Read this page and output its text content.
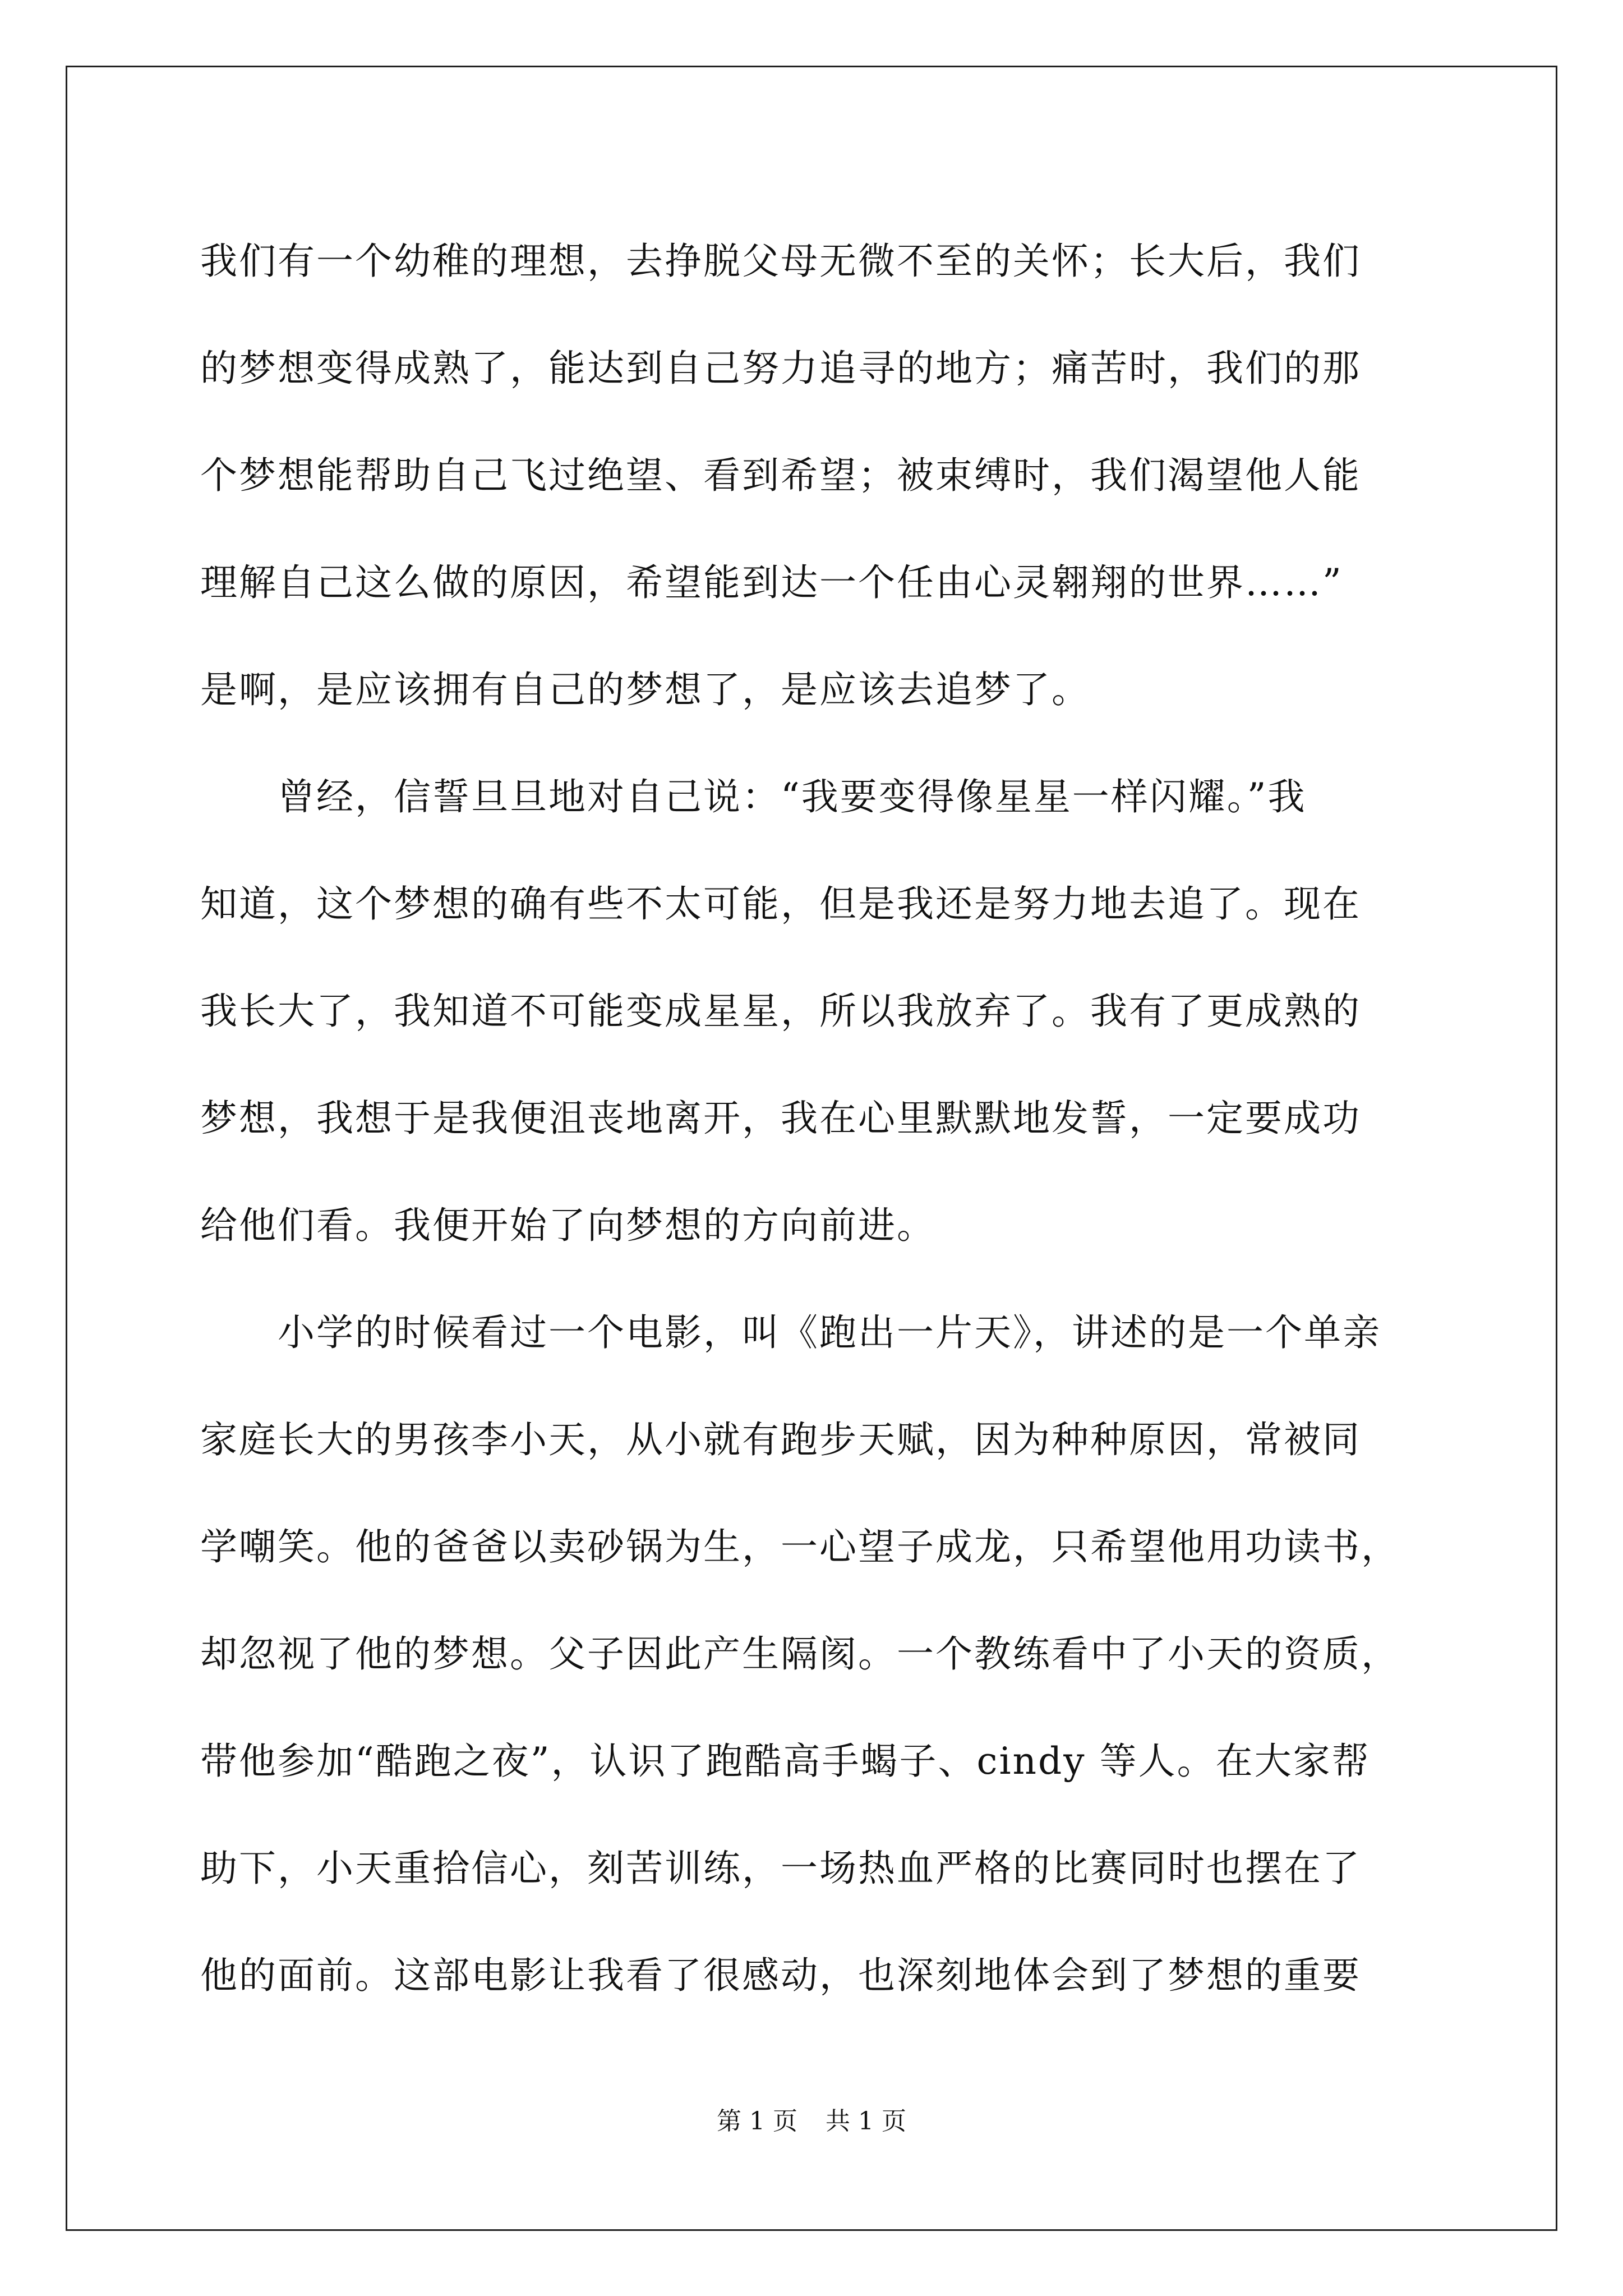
我们有一个幼稚的理想，去挣脱父母无微不至的关怀；长大后，我们
的梦想变得成熟了，能达到自己努力追寻的地方；痛苦时，我们的那
个梦想能帮助自己飞过绝望、看到希望；被束缚时，我们渴望他人能
理解自己这么做的原因，希望能到达一个任由心灵翱翔的世界……”
是啊，是应该拥有自己的梦想了，是应该去追梦了。
　　曾经，信誓旦旦地对自己说：“我要变得像星星一样闪耀。”我
知道，这个梦想的确有些不太可能，但是我还是努力地去追了。现在
我长大了，我知道不可能变成星星，所以我放弃了。我有了更成熟的
梦想，我想于是我便沮丧地离开，我在心里默默地发誓，一定要成功
给他们看。我便开始了向梦想的方向前进。
　　小学的时候看过一个电影，叫《跑出一片天》，讲述的是一个单亲
家庭长大的男孩李小天，从小就有跑步天赋，因为种种原因，常被同
学嘲笑。他的爸爸以卖砂锅为生，一心望子成龙，只希望他用功读书，
却忽视了他的梦想。父子因此产生隔阂。一个教练看中了小天的资质，
带他参加“酷跑之夜”，认识了跑酷高手蝎子、cindy 等人。在大家帮
助下，小天重拾信心，刻苦训练，一场热血严格的比赛同时也摆在了
他的面前。这部电影让我看了很感动，也深刻地体会到了梦想的重要
第 1 页 共 1 页
